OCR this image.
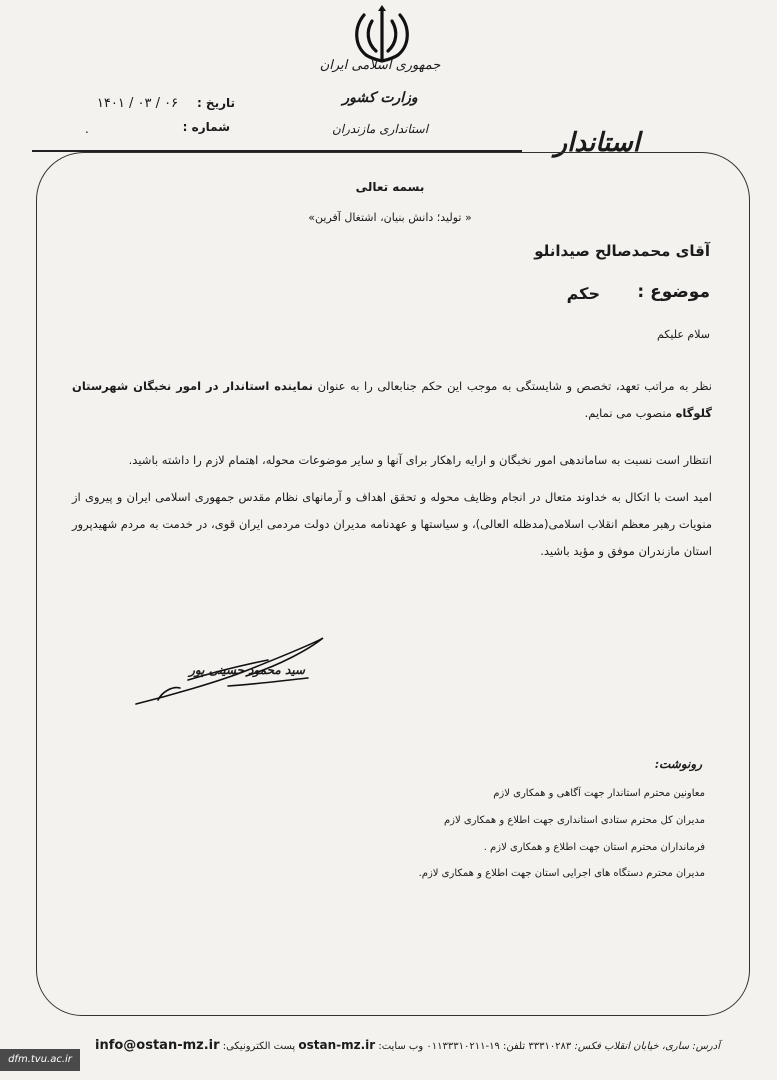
جمهوری اسلامی ایران
وزارت کشور
استانداری مازندران
تاریخ :
۱۴۰۱ / ۰۳ / ۰۶
شماره :
.	استاندار
بسمه تعالی
« تولید؛ دانش بنیان، اشتغال آفرین»
آقای محمدصالح صیدانلو
موضوع :
حکم
سلام علیکم
نظر به مراتب تعهد، تخصص و شایستگی به موجب این حکم جنابعالی را به عنوان نماینده استاندار در امور نخبگان شهرستان گلوگاه منصوب می نمایم.
انتظار است نسبت به ساماندهی امور نخبگان و ارایه راهکار برای آنها و سایر موضوعات محوله، اهتمام لازم را داشته باشید.
امید است با اتکال به خداوند متعال در انجام وظایف محوله و تحقق اهداف و آرمانهای نظام مقدس جمهوری اسلامی ایران و پیروی از منویات رهبر معظم انقلاب اسلامی(مدظله العالی)، و سیاستها و عهدنامه مدیران دولت مردمی ایران قوی، در خدمت به مردم شهیدپرور استان مازندران موفق و مؤید باشید.
سید محمود حسینی پور
رونوشت:
معاونین محترم استاندار جهت آگاهی و همکاری لازم
مدیران کل محترم ستادی استانداری جهت اطلاع و همکاری لازم
فرمانداران محترم استان جهت اطلاع و همکاری لازم .
مدیران محترم دستگاه های اجرایی استان جهت اطلاع و همکاری لازم.
آدرس: ساری، خیابان انقلاب فکس: ۳۳۳۱۰۲۸۳ تلفن: ۰۱۱۳۳۳۱۰۲۱۱-۱۹ وب سایت: ostan-mz.ir پست الکترونیکی: info@ostan-mz.ir
dfm.tvu.ac.ir
